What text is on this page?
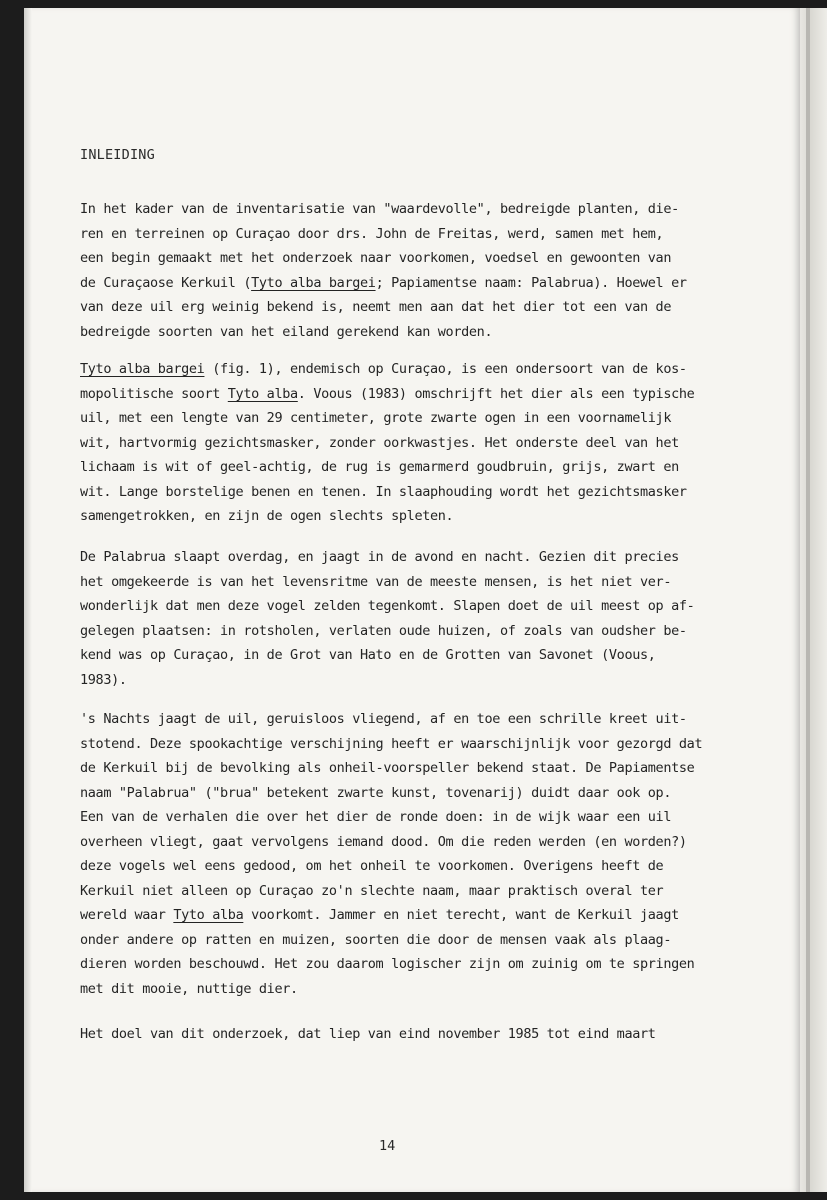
INLEIDING
In het kader van de inventarisatie van "waardevolle", bedreigde planten, die-
ren en terreinen op Curaçao door drs. John de Freitas, werd, samen met hem,
een begin gemaakt met het onderzoek naar voorkomen, voedsel en gewoonten van
de Curaçaose Kerkuil (Tyto alba bargei; Papiamentse naam: Palabrua). Hoewel er
van deze uil erg weinig bekend is, neemt men aan dat het dier tot een van de
bedreigde soorten van het eiland gerekend kan worden.
Tyto alba bargei (fig. 1), endemisch op Curaçao, is een ondersoort van de kos-
mopolitische soort Tyto alba. Voous (1983) omschrijft het dier als een typische
uil, met een lengte van 29 centimeter, grote zwarte ogen in een voornamelijk
wit, hartvormig gezichtsmasker, zonder oorkwastjes. Het onderste deel van het
lichaam is wit of geel-achtig, de rug is gemarmerd goudbruin, grijs, zwart en
wit. Lange borstelige benen en tenen. In slaaphouding wordt het gezichtsmasker
samengetrokken, en zijn de ogen slechts spleten.
De Palabrua slaapt overdag, en jaagt in de avond en nacht. Gezien dit precies
het omgekeerde is van het levensritme van de meeste mensen, is het niet ver-
wonderlijk dat men deze vogel zelden tegenkomt. Slapen doet de uil meest op af-
gelegen plaatsen: in rotsholen, verlaten oude huizen, of zoals van oudsher be-
kend was op Curaçao, in de Grot van Hato en de Grotten van Savonet (Voous,
1983).
's Nachts jaagt de uil, geruisloos vliegend, af en toe een schrille kreet uit-
stotend. Deze spookachtige verschijning heeft er waarschijnlijk voor gezorgd dat
de Kerkuil bij de bevolking als onheil-voorspeller bekend staat. De Papiamentse
naam "Palabrua" ("brua" betekent zwarte kunst, tovenarij) duidt daar ook op.
Een van de verhalen die over het dier de ronde doen: in de wijk waar een uil
overheen vliegt, gaat vervolgens iemand dood. Om die reden werden (en worden?)
deze vogels wel eens gedood, om het onheil te voorkomen. Overigens heeft de
Kerkuil niet alleen op Curaçao zo'n slechte naam, maar praktisch overal ter
wereld waar Tyto alba voorkomt. Jammer en niet terecht, want de Kerkuil jaagt
onder andere op ratten en muizen, soorten die door de mensen vaak als plaag-
dieren worden beschouwd. Het zou daarom logischer zijn om zuinig om te springen
met dit mooie, nuttige dier.
Het doel van dit onderzoek, dat liep van eind november 1985 tot eind maart
14
